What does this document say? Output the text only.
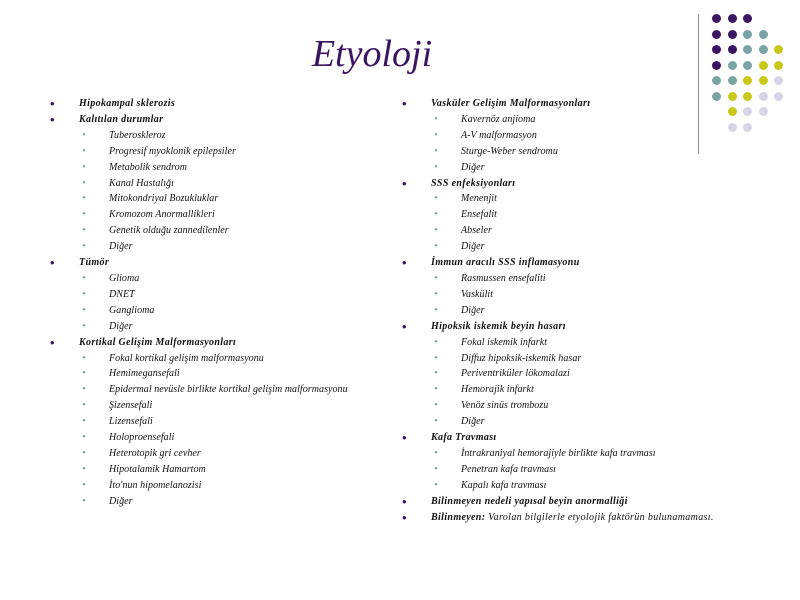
Etyoloji
• Hipokampal sklerozis
• Kalıtılan durumlar
• Tuberoskleroz
• Progresif myoklonik epilepsiler
• Metabolik sendrom
• Kanal Hastalığı
• Mitokondriyal Bozukluklar
• Kromozom Anormallikleri
• Genetik olduğu zannedilenler
• Diğer
• Tümör
• Glioma
• DNET
• Ganglioma
• Diğer
• Kortikal Gelişim Malformasyonları
• Fokal kortikal gelişim malformasyonu
• Hemimegansefali
• Epidermal nevüsle birlikte kortikal gelişim malformasyonu
• Şizensefali
• Lizensefali
• Holoproensefali
• Heterotopik gri cevher
• Hipotalamik Hamartom
• İto'nun hipomelanozisi
• Diğer
• Vasküler Gelişim Malformasyonları
• Kavernöz anjioma
• A-V malformasyon
• Sturge-Weber sendromu
• Diğer
• SSS enfeksiyonları
• Menenjit
• Ensefalit
• Abseler
• Diğer
• İmmun aracılı SSS inflamasyonu
• Rasmussen ensefaliti
• Vaskülit
• Diğer
• Hipoksik iskemik beyin hasarı
• Fokal iskemik infarkt
• Diffuz hipoksik-iskemik hasar
• Periventriküler lökomalazi
• Hemorajik infarkt
• Venöz sinüs trombozu
• Diğer
• Kafa Travması
• İntrakraniyal hemorajiyle birlikte kafa travması
• Penetran kafa travması
• Kapalı kafa travması
• Bilinmeyen nedeli yapısal beyin anormalliği
• Bilinmeyen: Varolan bilgilerle etyolojik faktörün bulunamaması.
